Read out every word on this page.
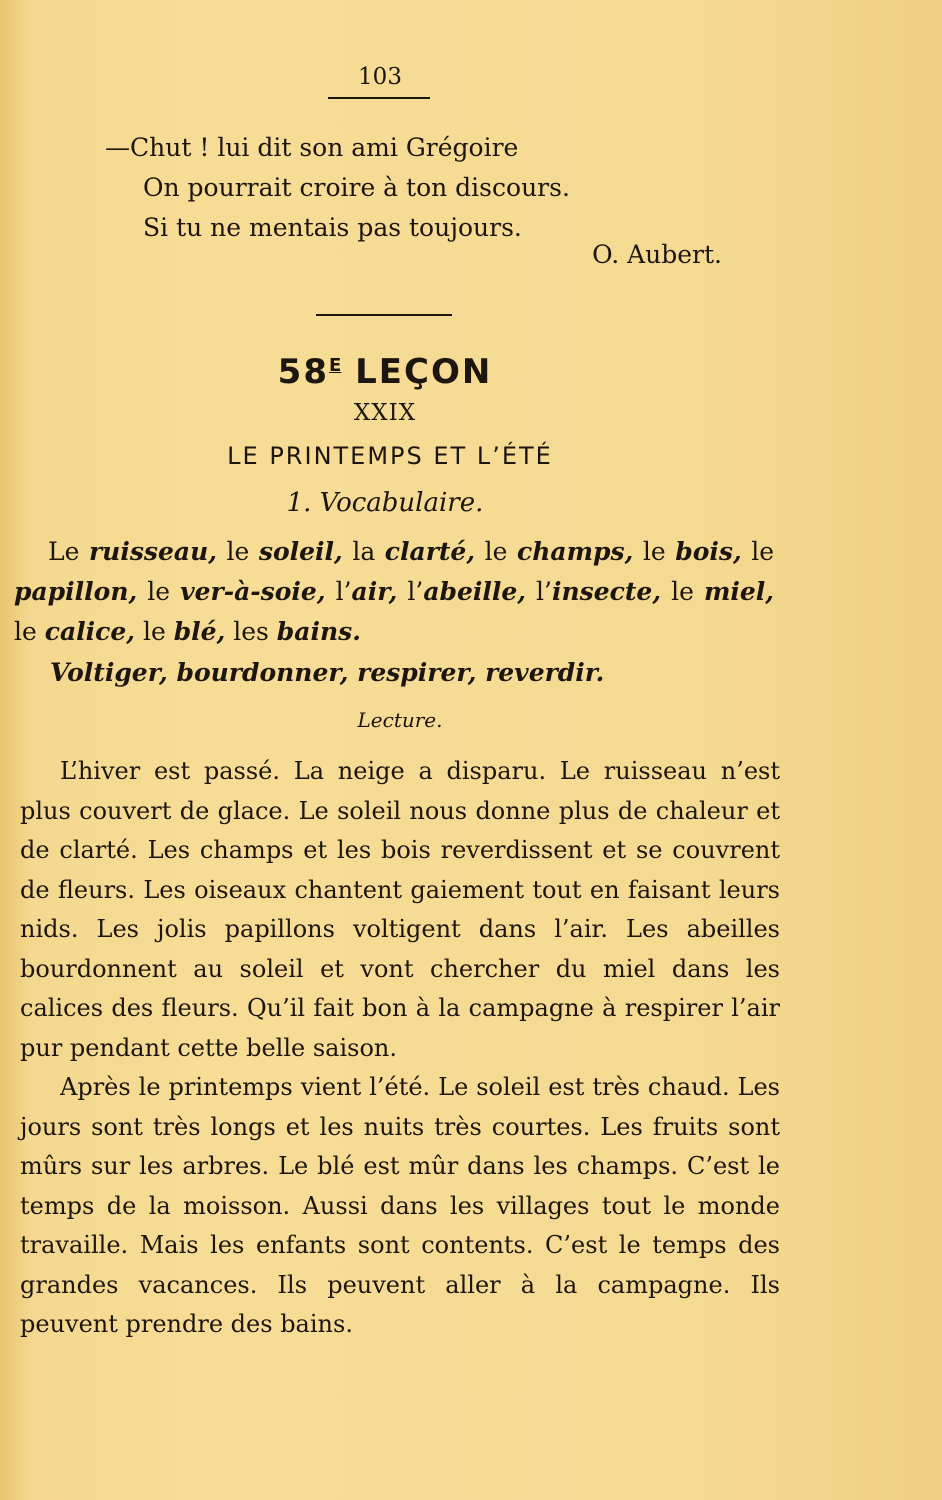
103
—Chut ! lui dit son ami Grégoire
On pourrait croire à ton discours.
Si tu ne mentais pas toujours.
O. Aubert.
$58^E$ LEÇON
XXIX
LE PRINTEMPS ET L’ÉTÉ
1. Vocabulaire.

Le ruisseau, le soleil, la clarté, le champs, le bois, le papillon, le ver-à-soie, l’air, l’abeille, l’insecte, le miel, le calice, le blé, les bains.

Voltiger, bourdonner, respirer, reverdir.
Lecture.

L’hiver est passé. La neige a disparu. Le ruisseau n’est plus couvert de glace. Le soleil nous donne plus de chaleur et de clarté. Les champs et les bois reverdissent et se couvrent de fleurs. Les oiseaux chantent gaiement tout en faisant leurs nids. Les jolis papillons voltigent dans l’air. Les abeilles bourdonnent au soleil et vont chercher du miel dans les calices des fleurs. Qu’il fait bon à la campagne à respirer l’air pur pendant cette belle saison.

Après le printemps vient l’été. Le soleil est très chaud. Les jours sont très longs et les nuits très courtes. Les fruits sont mûrs sur les arbres. Le blé est mûr dans les champs. C’est le temps de la moisson. Aussi dans les villages tout le monde travaille. Mais les enfants sont contents. C’est le temps des grandes vacances. Ils peuvent aller à la campagne. Ils peuvent prendre des bains.
